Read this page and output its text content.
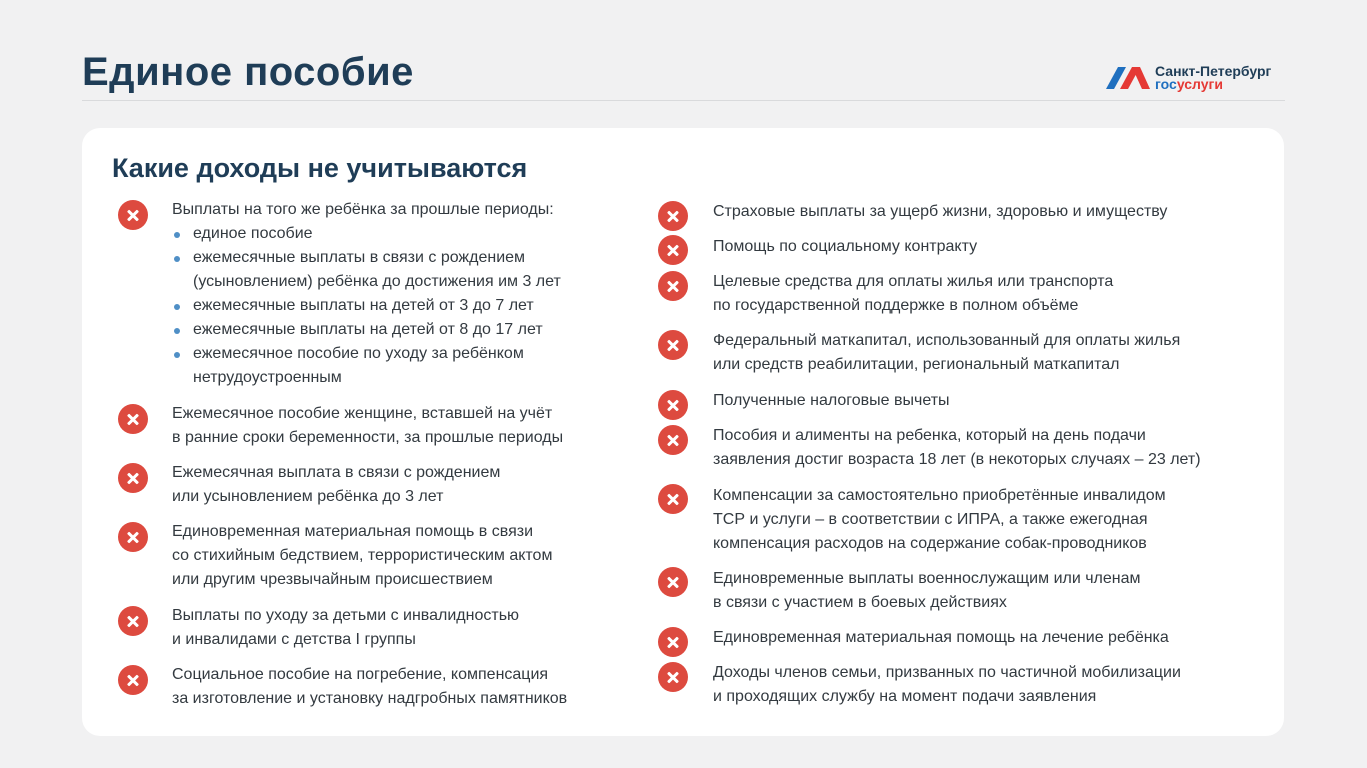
Единое пособие	Санкт-Петербург
госуслуги
Какие доходы не учитываются
Выплаты на того же ребёнка за прошлые периоды:
единое пособие
ежемесячные выплаты в связи с рождением
(усыновлением) ребёнка до достижения им 3 лет
ежемесячные выплаты на детей от 3 до 7 лет
ежемесячные выплаты на детей от 8 до 17 лет
ежемесячное пособие по уходу за ребёнком
нетрудоустроенным
Ежемесячное пособие женщине, вставшей на учёт
в ранние сроки беременности, за прошлые периоды
Ежемесячная выплата в связи с рождением
или усыновлением ребёнка до 3 лет
Единовременная материальная помощь в связи
со стихийным бедствием, террористическим актом
или другим чрезвычайным происшествием
Выплаты по уходу за детьми с инвалидностью
и инвалидами с детства I группы
Социальное пособие на погребение, компенсация
за изготовление и установку надгробных памятников
Страховые выплаты за ущерб жизни, здоровью и имуществу
Помощь по социальному контракту
Целевые средства для оплаты жилья или транспорта
по государственной поддержке в полном объёме
Федеральный маткапитал, использованный для оплаты жилья
или средств реабилитации, региональный маткапитал
Полученные налоговые вычеты
Пособия и алименты на ребенка, который на день подачи
заявления достиг возраста 18 лет (в некоторых случаях – 23 лет)
Компенсации за самостоятельно приобретённые инвалидом
ТСР и услуги – в соответствии с ИПРА, а также ежегодная
компенсация расходов на содержание собак-проводников
Единовременные выплаты военнослужащим или членам
в связи с участием в боевых действиях
Единовременная материальная помощь на лечение ребёнка
Доходы членов семьи, призванных по частичной мобилизации
и проходящих службу на момент подачи заявления
